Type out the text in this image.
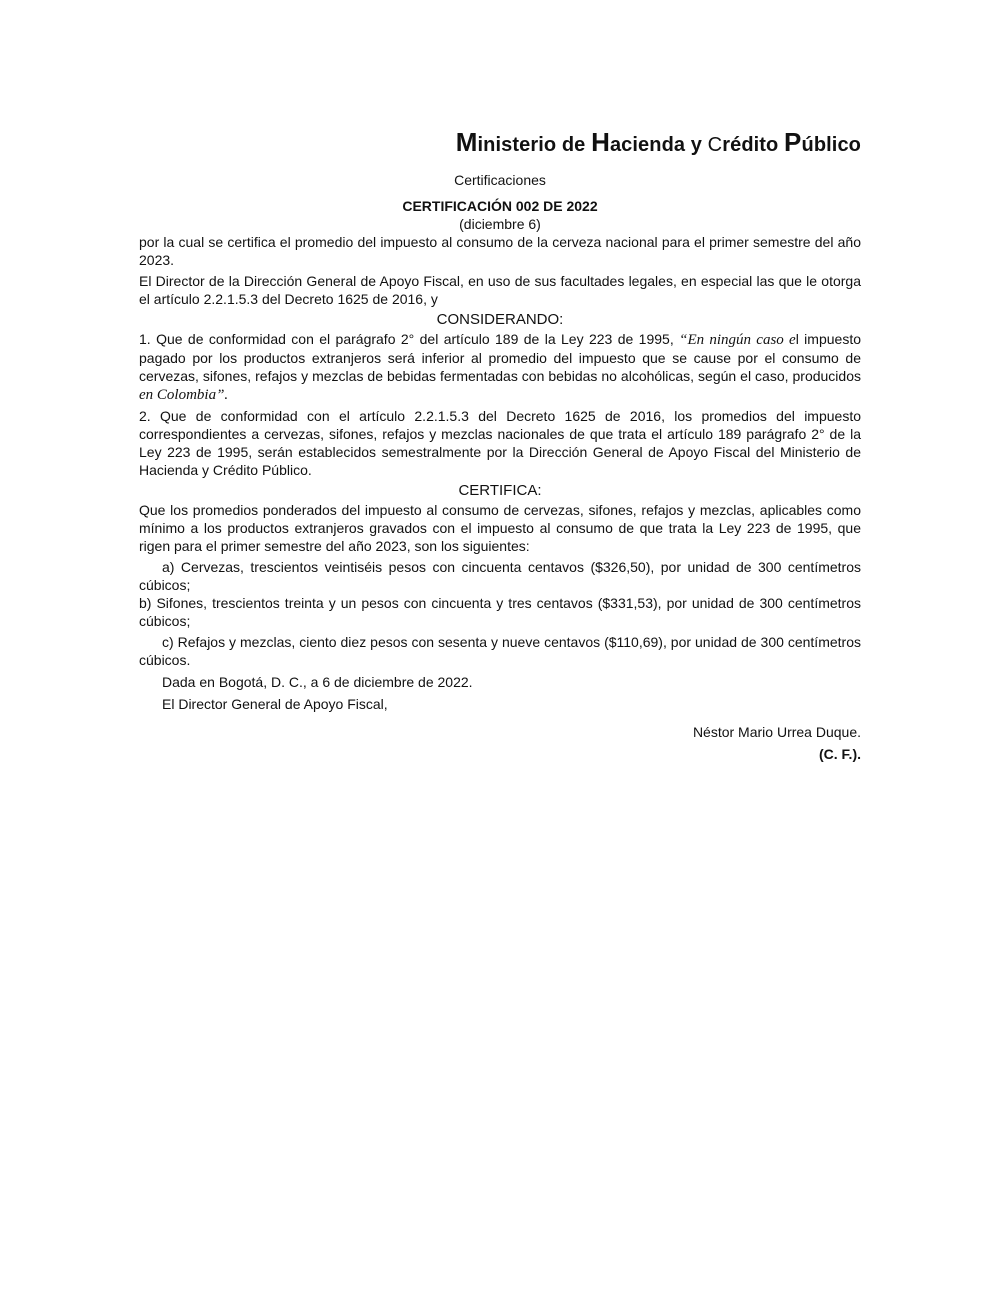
Ministerio de Hacienda y Crédito Público

Certificaciones

CERTIFICACIÓN 002 DE 2022

(diciembre 6)

por la cual se certifica el promedio del impuesto al consumo de la cerveza nacional para el primer semestre del año 2023.

El Director de la Dirección General de Apoyo Fiscal, en uso de sus facultades legales, en especial las que le otorga el artículo 2.2.1.5.3 del Decreto 1625 de 2016, y

CONSIDERANDO:

1. Que de conformidad con el parágrafo 2° del artículo 189 de la Ley 223 de 1995, “En ningún caso el impuesto pagado por los productos extranjeros será inferior al promedio del impuesto que se cause por el consumo de cervezas, sifones, refajos y mezclas de bebidas fermentadas con bebidas no alcohólicas, según el caso, producidos en Colombia”.

2. Que de conformidad con el artículo 2.2.1.5.3 del Decreto 1625 de 2016, los promedios del impuesto correspondientes a cervezas, sifones, refajos y mezclas nacionales de que trata el artículo 189 parágrafo 2° de la Ley 223 de 1995, serán establecidos semestralmente por la Dirección General de Apoyo Fiscal del Ministerio de Hacienda y Crédito Público.

CERTIFICA:

Que los promedios ponderados del impuesto al consumo de cervezas, sifones, refajos y mezclas, aplicables como mínimo a los productos extranjeros gravados con el impuesto al consumo de que trata la Ley 223 de 1995, que rigen para el primer semestre del año 2023, son los siguientes:

a) Cervezas, trescientos veintiséis pesos con cincuenta centavos ($326,50), por unidad de 300 centímetros cúbicos;

b) Sifones, trescientos treinta y un pesos con cincuenta y tres centavos ($331,53), por unidad de 300 centímetros cúbicos;

c) Refajos y mezclas, ciento diez pesos con sesenta y nueve centavos ($110,69), por unidad de 300 centímetros cúbicos.

Dada en Bogotá, D. C., a 6 de diciembre de 2022.

El Director General de Apoyo Fiscal,

Néstor Mario Urrea Duque.

(C. F.).
